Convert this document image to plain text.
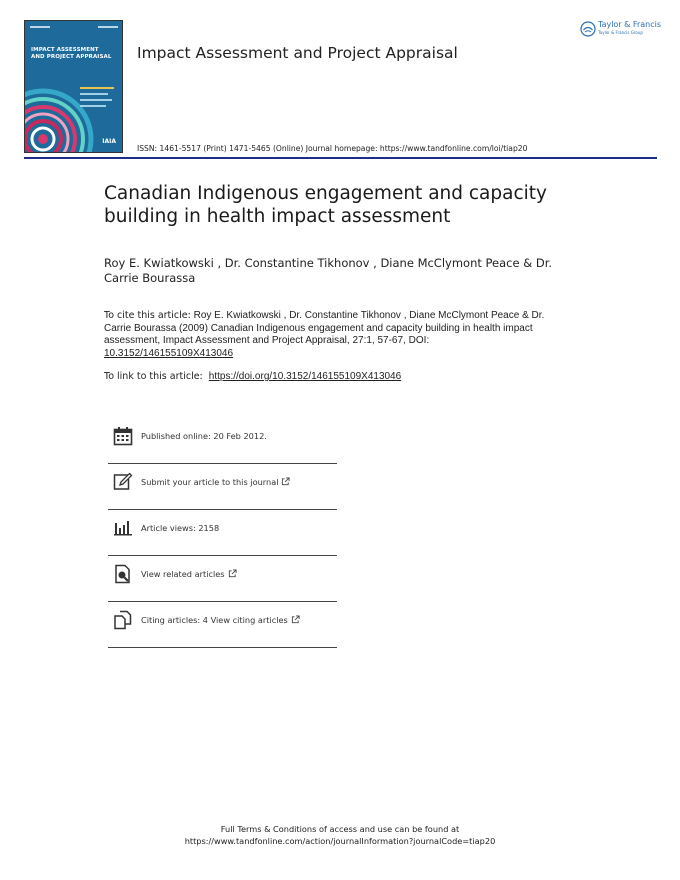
IMPACT ASSESSMENT
AND PROJECT APPRAISAL
IAIA
Impact Assessment and Project Appraisal
Taylor & Francis
Taylor & Francis Group
ISSN: 1461-5517 (Print) 1471-5465 (Online) Journal homepage: https://www.tandfonline.com/loi/tiap20
Canadian Indigenous engagement and capacity building in health impact assessment
Roy E. Kwiatkowski , Dr. Constantine Tikhonov , Diane McClymont Peace & Dr. Carrie Bourassa
To cite this article: Roy E. Kwiatkowski , Dr. Constantine Tikhonov , Diane McClymont Peace & Dr. Carrie Bourassa (2009) Canadian Indigenous engagement and capacity building in health impact assessment, Impact Assessment and Project Appraisal, 27:1, 57-67, DOI: 10.3152/146155109X413046
To link to this article: https://doi.org/10.3152/146155109X413046
Published online: 20 Feb 2012.
Submit your article to this journal
Article views: 2158
View related articles
Citing articles: 4 View citing articles
Full Terms & Conditions of access and use can be found at
https://www.tandfonline.com/action/journalInformation?journalCode=tiap20
